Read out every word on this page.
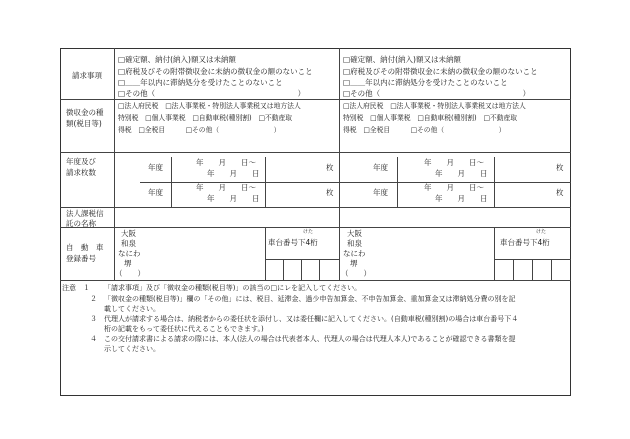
請求事項
徴収金の種
類(税目等)
年度及び
請求枚数
法人課税信
託の名称
自　動　車
登録番号
□確定額、納付(納入)額又は未納額
□府税及びその附帯徴収金に未納の徴収金の額のないこと
□＿＿年以内に滞納処分を受けたことのないこと
□その他（　　　　　　　　　　　　　　　　　　　）
□確定額、納付(納入)額又は未納額
□府税及びその附帯徴収金に未納の徴収金の額のないこと
□＿＿年以内に滞納処分を受けたことのないこと
□その他（　　　　　　　　　　　　　　　　　　　）
□法人府民税　□法人事業税・特別法人事業税又は地方法人
特別税　□個人事業税　□自動車税(種別割)　□不動産取
得税　□全税目　　　□その他（　　　　　　　　）
□法人府民税　□法人事業税・特別法人事業税又は地方法人
特別税　□個人事業税　□自動車税(種別割)　□不動産取
得税　□全税目　　　□その他（　　　　　　　　）
年度
年　　月　　日～
年　　月　　日
枚
年度
年　　月　　日～
年　　月　　日
枚
年度
年　　月　　日～
年　　月　　日
枚
年度
年　　月　　日～
年　　月　　日
枚
大阪
和泉
なにわ
堺
（　　）
けた
車台番号下4桁
大阪
和泉
なにわ
堺
（　　）
けた
車台番号下4桁
注意　１ 「請求事項」及び「徴収金の種類(税目等)」の該当の□にレを記入してください。
２ 「徴収金の種類(税目等)」欄の「その他」には、税目、延滞金、過少申告加算金、不申告加算金、重加算金又は滞納処分費の別を記
載してください。
３ 代理人が請求する場合は、納税者からの委任状を添付し、又は委任欄に記入してください。(自動車税(種別割)の場合は車台番号下４
桁の記載をもって委任状に代えることもできます。)
４ この交付請求書による請求の際には、本人(法人の場合は代表者本人、代理人の場合は代理人本人)であることが確認できる書類を提
示してください。
